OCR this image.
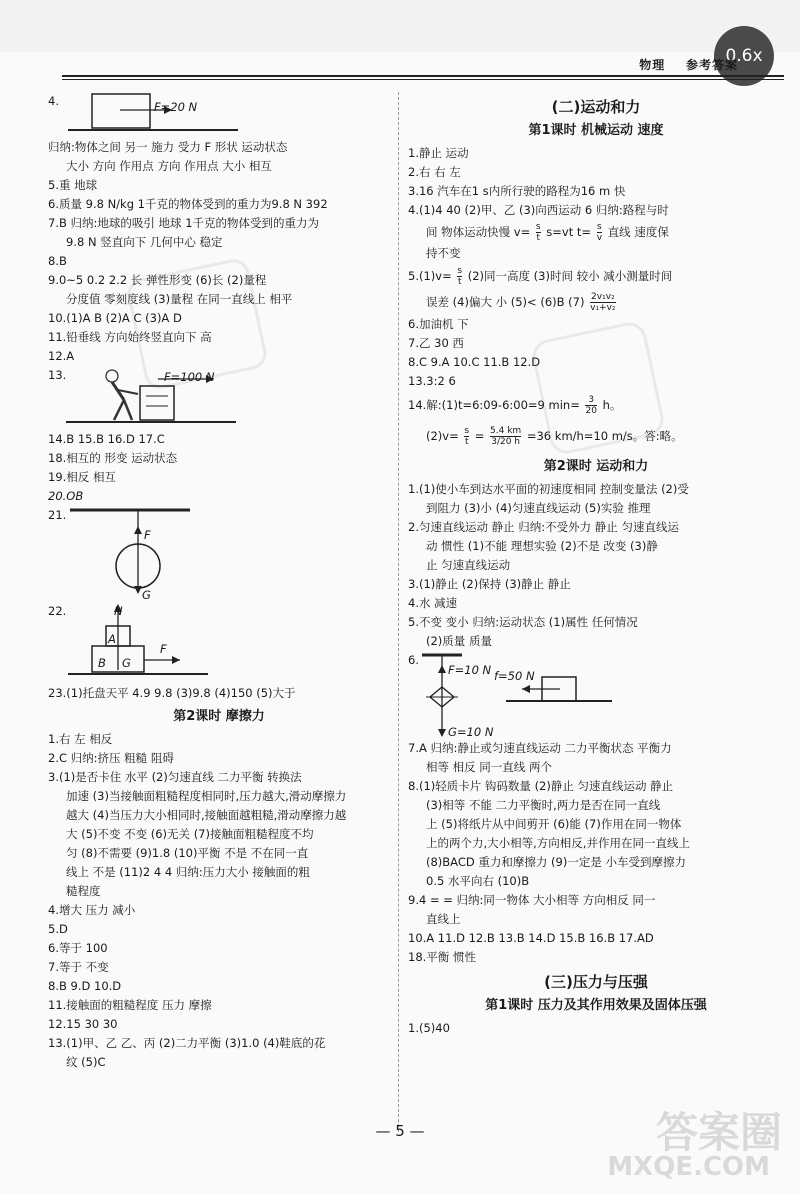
0.6x
物理 参考答案
4.	F=20 N

归纳:物体之间 另一 施力 受力 F 形状 运动状态

大小 方向 作用点 方向 作用点 大小 相互

5.重 地球

6.质量 9.8 N/kg 1千克的物体受到的重力为9.8 N 392

7.B 归纳:地球的吸引 地球 1千克的物体受到的重力为

9.8 N 竖直向下 几何中心 稳定

8.B

9.0~5 0.2 2.2 长 弹性形变 (6)长 (2)量程

分度值 零刻度线 (3)量程 在同一直线上 相平

10.(1)A B (2)A C (3)A D

11.铅垂线 方向始终竖直向下 高

12.A

13.	F=100 N

14.B 15.B 16.D 17.C

18.相互的 形变 运动状态

19.相反 相互

20.OB

21.
F
G
22.	N
A
B G
F

23.(1)托盘天平 4.9 9.8 (3)9.8 (4)150 (5)大于

第2课时 摩擦力

1.右 左 相反

2.C 归纳:挤压 粗糙 阻碍

3.(1)是否卡住 水平 (2)匀速直线 二力平衡 转换法

加速 (3)当接触面粗糙程度相同时,压力越大,滑动摩擦力

越大 (4)当压力大小相同时,接触面越粗糙,滑动摩擦力越

大 (5)不变 不变 (6)无关 (7)接触面粗糙程度不均

匀 (8)不需要 (9)1.8 (10)平衡 不是 不在同一直

线上 不是 (11)2 4 4 归纳:压力大小 接触面的粗

糙程度

4.增大 压力 减小

5.D

6.等于 100

7.等于 不变

8.B 9.D 10.D

11.接触面的粗糙程度 压力 摩擦

12.15 30 30

13.(1)甲、乙 乙、丙 (2)二力平衡 (3)1.0 (4)鞋底的花

纹 (5)C

(二)运动和力

第1课时 机械运动 速度

1.静止 运动

2.右 右 左

3.16 汽车在1 s内所行驶的路程为16 m 快

4.(1)4 40 (2)甲、乙 (3)向西运动 6 归纳:路程与时

间 物体运动快慢 $v= \frac{s}{t} s=vt$ $t= \frac{s}{v}$ 直线 速度保

持不变

$5.(1)v= \frac{s}{t} (2)$同一高度 (3)时间 较小 减小测量时间

误差 (4)偏大 小 (5)< (6)B $(7) \frac{\text{2v₁v₂}}{\text{v₁+v₂}}$

6.加油机 下

7.乙 30 西

8.C 9.A 10.C 11.B 12.D

13.3:2 6

14.解:(1)t=6:09-6:00=9 $\min= \frac{3}{20}$ h。

$(2)v= \frac{s}{t} = \frac{5.4 km}{3/20 h} =36$ km/h=10 m/s。答:略。

第2课时 运动和力

1.(1)使小车到达水平面的初速度相同 控制变量法 (2)受

到阻力 (3)小 (4)匀速直线运动 (5)实验 推理

2.匀速直线运动 静止 归纳:不受外力 静止 匀速直线运

动 惯性 (1)不能 理想实验 (2)不是 改变 (3)静

止 匀速直线运动

3.(1)静止 (2)保持 (3)静止 静止

4.水 减速

5.不变 变小 归纳:运动状态 (1)属性 任何情况

(2)质量 质量

6.
F=10 N f=50 N
G=10 N

7.A 归纳:静止或匀速直线运动 二力平衡状态 平衡力

相等 相反 同一直线 两个

8.(1)轻质卡片 钩码数量 (2)静止 匀速直线运动 静止

(3)相等 不能 二力平衡时,两力是否在同一直线

上 (5)将纸片从中间剪开 (6)能 (7)作用在同一物体

上的两个力,大小相等,方向相反,并作用在同一直线上

(8)BACD 重力和摩擦力 (9)一定是 小车受到摩擦力

0.5 水平向右 (10)B

9.4 = = 归纳:同一物体 大小相等 方向相反 同一

直线上

10.A 11.D 12.B 13.B 14.D 15.B 16.B 17.AD

18.平衡 惯性

(三)压力与压强

第1课时 压力及其作用效果及固体压强

1.(5)40

— 5 —	答案圈
MXQE.COM
